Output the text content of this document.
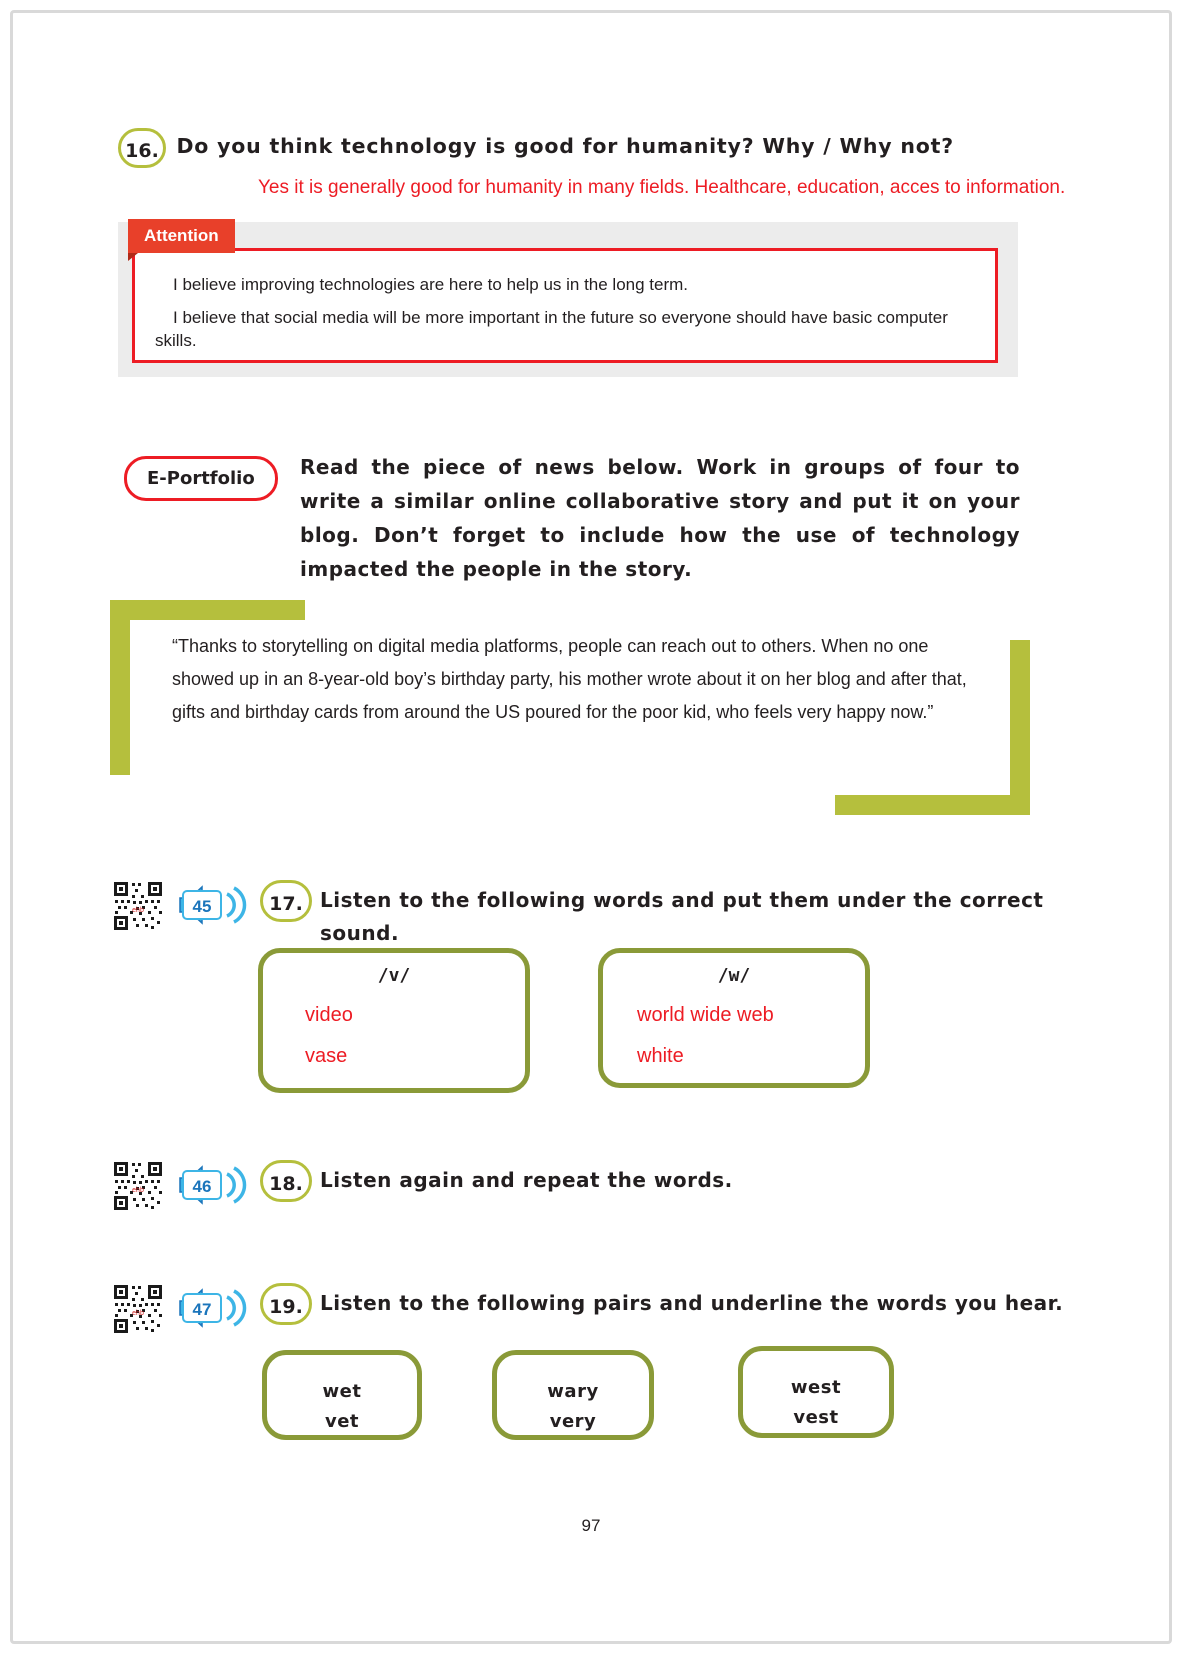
16. Do you think technology is good for humanity? Why / Why not?
Yes it is generally good for humanity in many fields. Healthcare, education, acces to information.
Attention

I believe improving technologies are here to help us in the long term.

I believe that social media will be more important in the future so everyone should have basic computer skills.

E-Portfolio	Read the piece of news below. Work in groups of four to write a similar online collaborative story and put it on your blog. Don’t forget to include how the use of technology impacted the people in the story.
“Thanks to storytelling on digital media platforms, people can reach out to others. When no one showed up in an 8-year-old boy’s birthday party, his mother wrote about it on her blog and after that, gifts and birthday cards from around the US poured for the poor kid, who feels very happy now.”
ehb	45	17. Listen to the following words and put them under the correct sound.
/v/
video
vase
/w/
world wide web
white
ehb	46	18. Listen again and repeat the words.
ehb	47	19. Listen to the following pairs and underline the words you hear.
wet
vet
wary
very
west
vest
97
